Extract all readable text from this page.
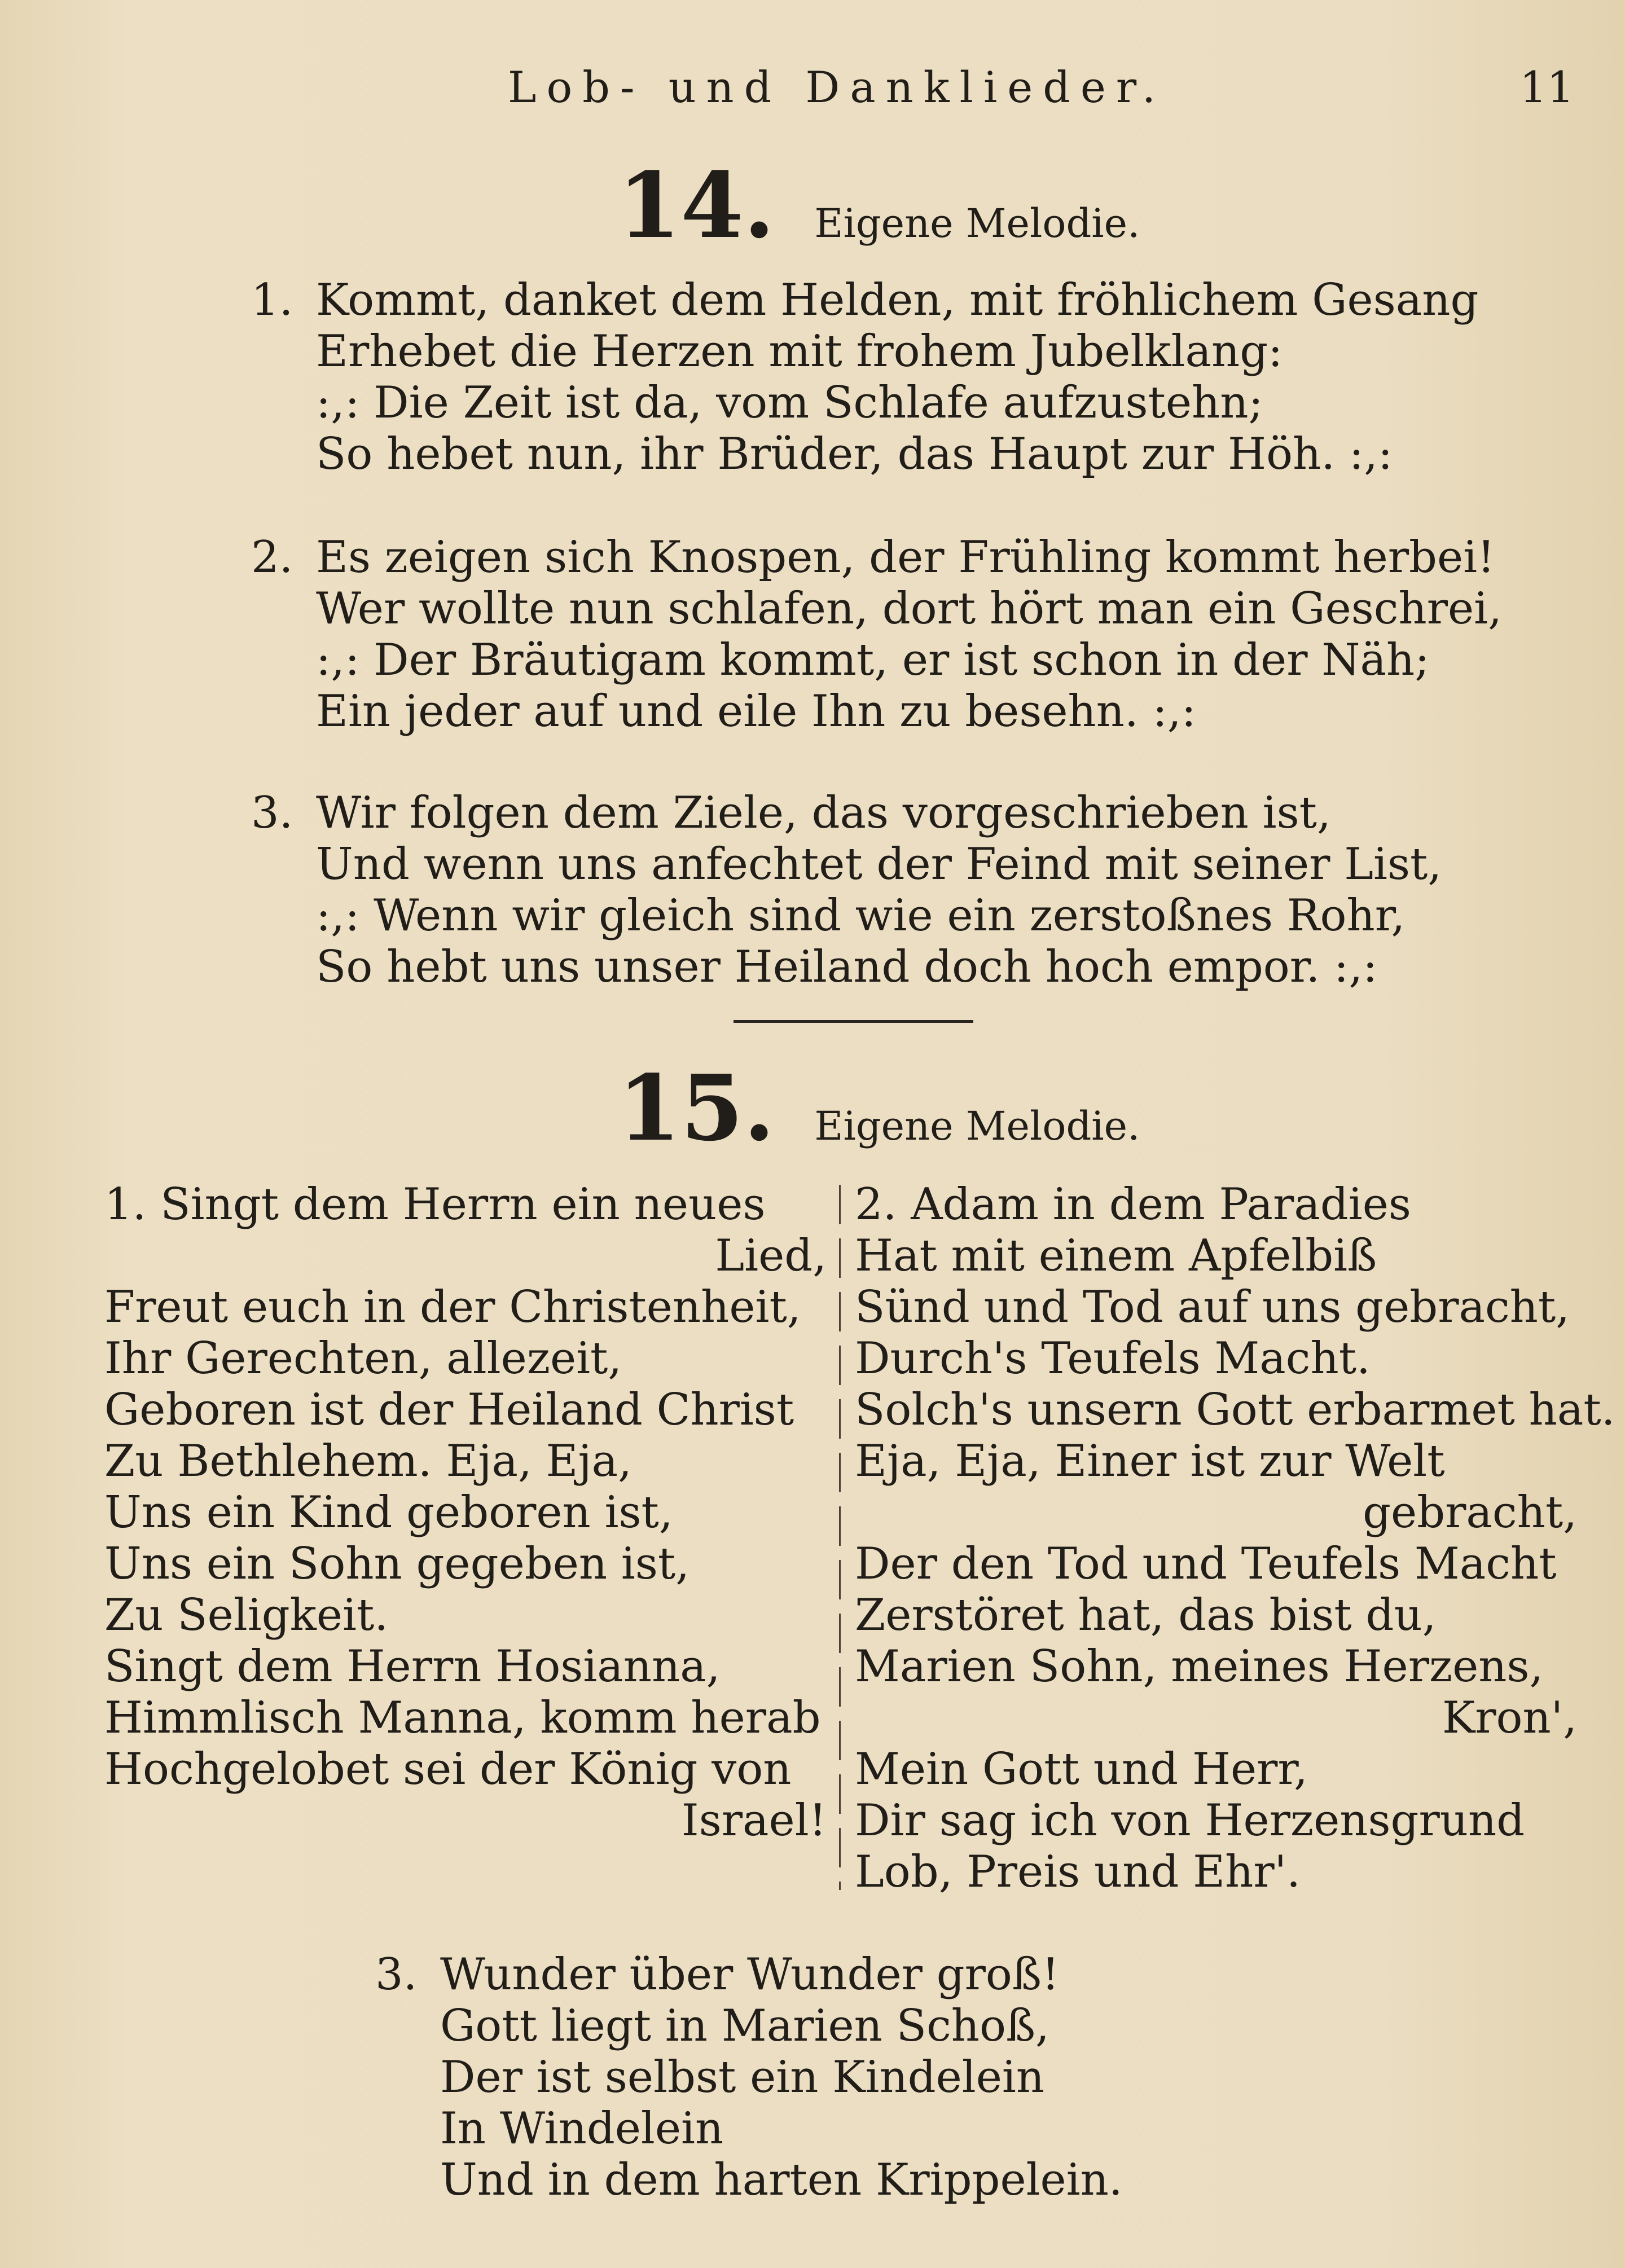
Lob- und Danklieder.	11
14. Eigene Melodie.
1. Kommt, danket dem Helden, mit fröhlichem Gesang
Erhebet die Herzen mit frohem Jubelklang:
:,: Die Zeit ist da, vom Schlafe aufzustehn;
So hebet nun, ihr Brüder, das Haupt zur Höh. :,:
2. Es zeigen sich Knospen, der Frühling kommt herbei!
Wer wollte nun schlafen, dort hört man ein Geschrei,
:,: Der Bräutigam kommt, er ist schon in der Näh;
Ein jeder auf und eile Ihn zu besehn. :,:
3. Wir folgen dem Ziele, das vorgeschrieben ist,
Und wenn uns anfechtet der Feind mit seiner List,
:,: Wenn wir gleich sind wie ein zerstoßnes Rohr,
So hebt uns unser Heiland doch hoch empor. :,:
15. Eigene Melodie.
1. Singt dem Herrn ein neues
Lied,
Freut euch in der Christenheit,
Ihr Gerechten, allezeit,
Geboren ist der Heiland Christ
Zu Bethlehem. Eja, Eja,
Uns ein Kind geboren ist,
Uns ein Sohn gegeben ist,
Zu Seligkeit.
Singt dem Herrn Hosianna,
Himmlisch Manna, komm herab
Hochgelobet sei der König von
Israel!
2. Adam in dem Paradies
Hat mit einem Apfelbiß
Sünd und Tod auf uns gebracht,
Durch's Teufels Macht.
Solch's unsern Gott erbarmet hat.
Eja, Eja, Einer ist zur Welt
gebracht,
Der den Tod und Teufels Macht
Zerstöret hat, das bist du,
Marien Sohn, meines Herzens,
Kron',
Mein Gott und Herr,
Dir sag ich von Herzensgrund
Lob, Preis und Ehr'.
3. Wunder über Wunder groß!
Gott liegt in Marien Schoß,
Der ist selbst ein Kindelein
In Windelein
Und in dem harten Krippelein.
